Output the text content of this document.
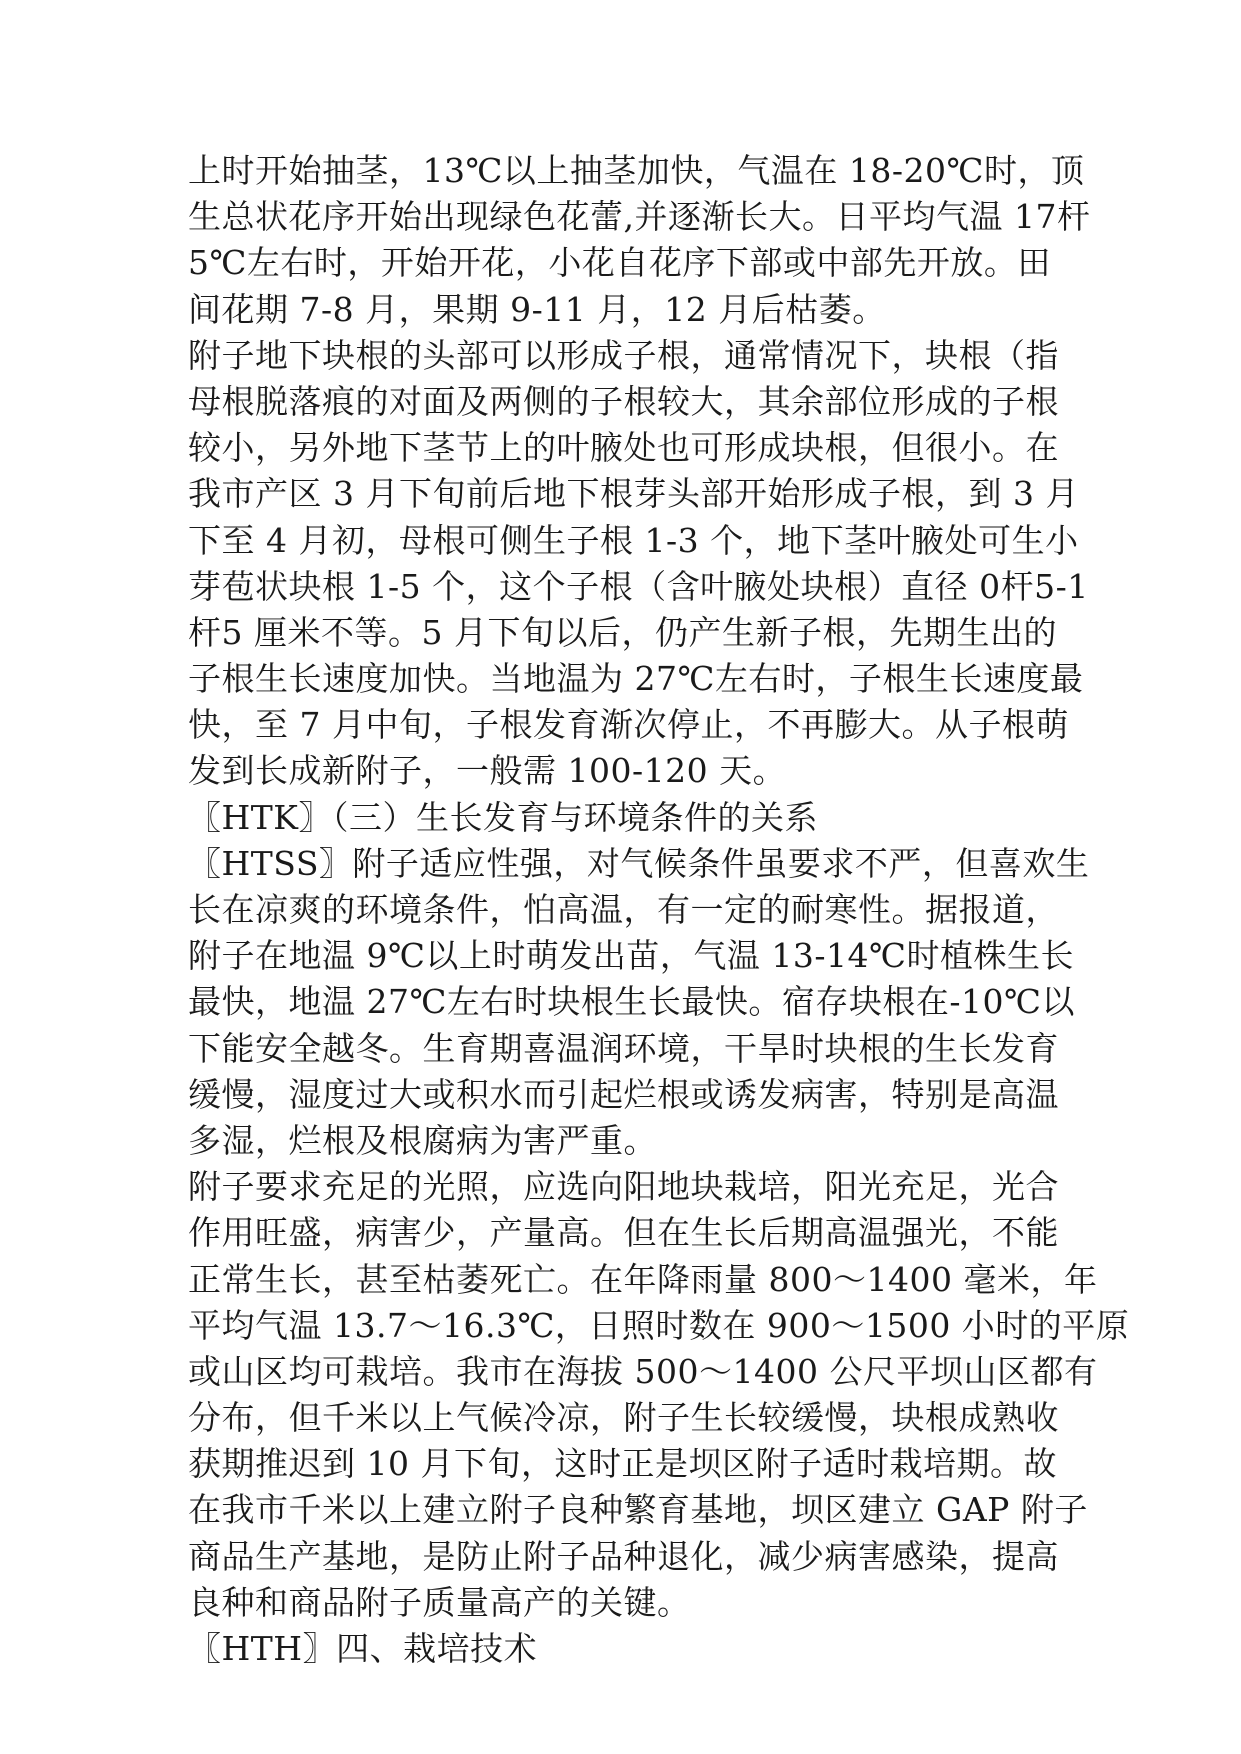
上时开始抽茎，13℃以上抽茎加快，气温在 18-20℃时，顶
生总状花序开始出现绿色花蕾,并逐渐长大。日平均气温 17杆
5℃左右时，开始开花，小花自花序下部或中部先开放。田
间花期 7-8 月，果期 9-11 月，12 月后枯萎。
附子地下块根的头部可以形成子根，通常情况下，块根（指
母根脱落痕的对面及两侧的子根较大，其余部位形成的子根
较小，另外地下茎节上的叶腋处也可形成块根，但很小。在
我市产区 3 月下旬前后地下根芽头部开始形成子根，到 3 月
下至 4 月初，母根可侧生子根 1-3 个，地下茎叶腋处可生小
芽苞状块根 1-5 个，这个子根（含叶腋处块根）直径 0杆5-1
杆5 厘米不等。5 月下旬以后，仍产生新子根，先期生出的
子根生长速度加快。当地温为 27℃左右时，子根生长速度最
快，至 7 月中旬，子根发育渐次停止，不再膨大。从子根萌
发到长成新附子，一般需 100-120 天。
〖HTK〗（三）生长发育与环境条件的关系
〖HTSS〗附子适应性强，对气候条件虽要求不严，但喜欢生
长在凉爽的环境条件，怕高温，有一定的耐寒性。据报道，
附子在地温 9℃以上时萌发出苗，气温 13-14℃时植株生长
最快，地温 27℃左右时块根生长最快。宿存块根在-10℃以
下能安全越冬。生育期喜温润环境，干旱时块根的生长发育
缓慢，湿度过大或积水而引起烂根或诱发病害，特别是高温
多湿，烂根及根腐病为害严重。
附子要求充足的光照，应选向阳地块栽培，阳光充足，光合
作用旺盛，病害少，产量高。但在生长后期高温强光，不能
正常生长，甚至枯萎死亡。在年降雨量 800～1400 毫米，年
平均气温 13.7～16.3℃，日照时数在 900～1500 小时的平原
或山区均可栽培。我市在海拔 500～1400 公尺平坝山区都有
分布，但千米以上气候冷凉，附子生长较缓慢，块根成熟收
获期推迟到 10 月下旬，这时正是坝区附子适时栽培期。故
在我市千米以上建立附子良种繁育基地，坝区建立 GAP 附子
商品生产基地，是防止附子品种退化，减少病害感染，提高
良种和商品附子质量高产的关键。
〖HTH〗四、栽培技术
